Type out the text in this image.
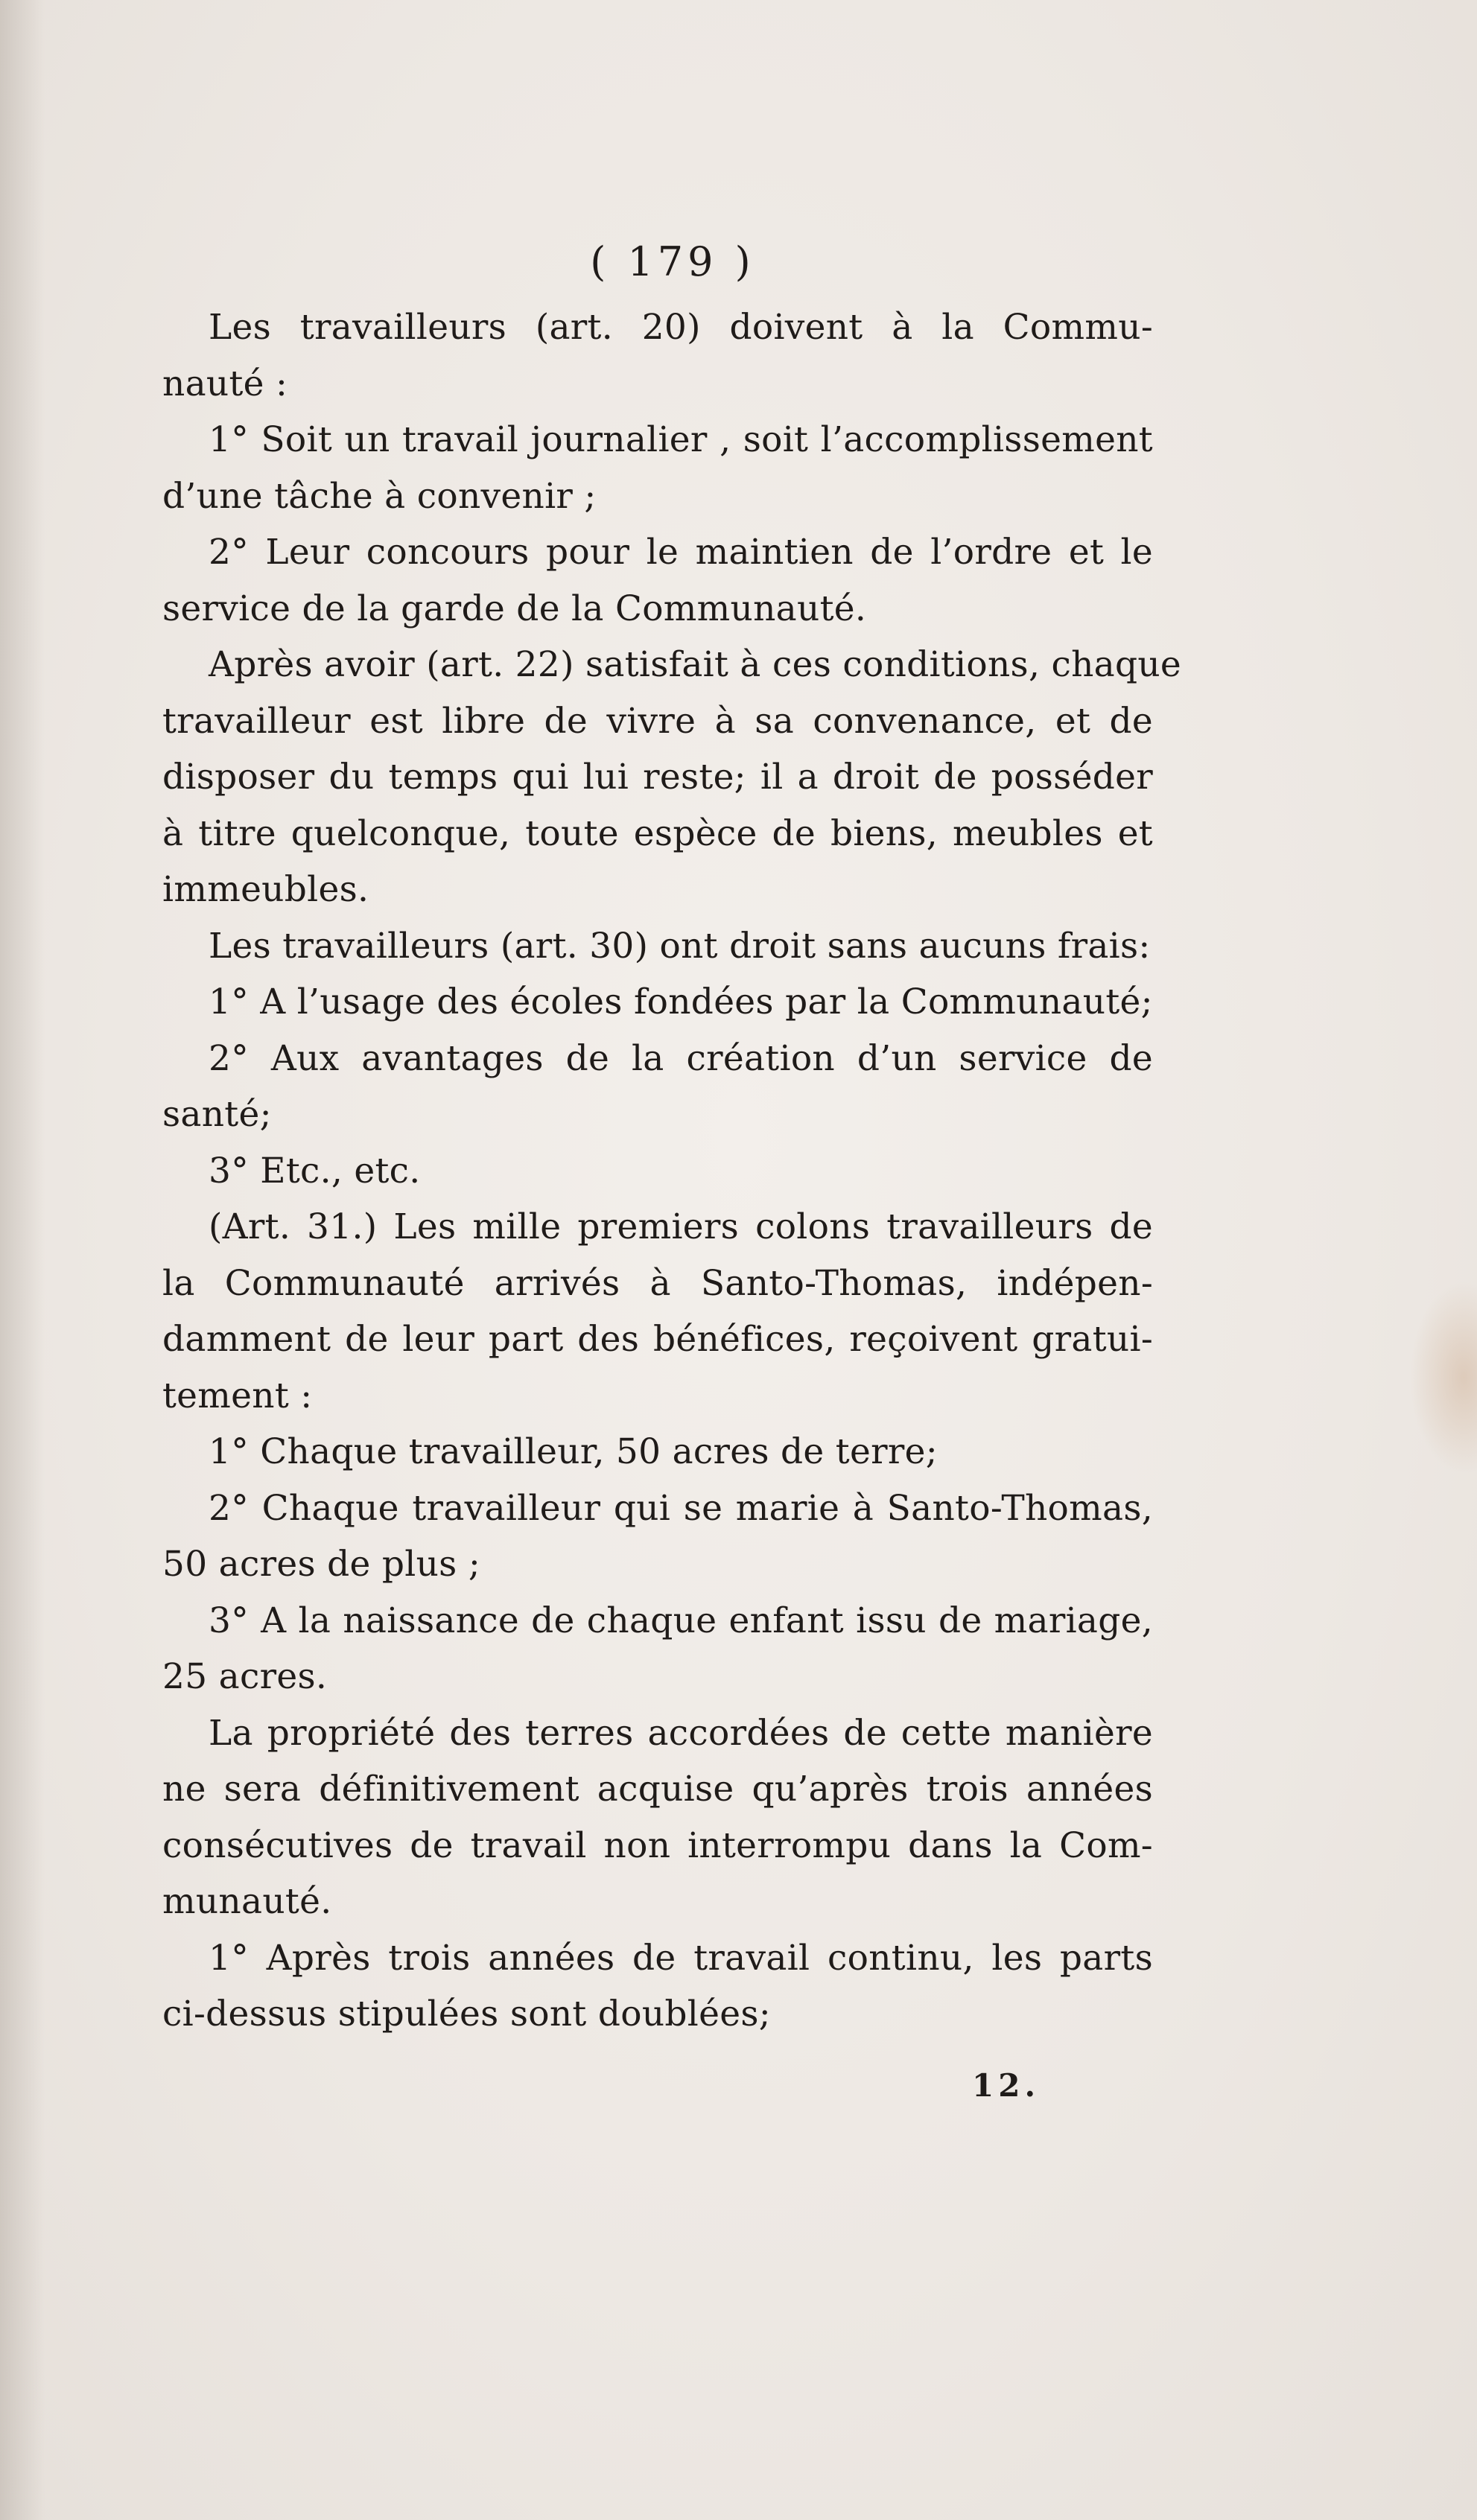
( 179 )
Les travailleurs (art. 20) doivent à la Commu-
nauté :
1° Soit un travail journalier , soit l’accomplissement
d’une tâche à convenir ;
2° Leur concours pour le maintien de l’ordre et le
service de la garde de la Communauté.
Après avoir (art. 22) satisfait à ces conditions, chaque
travailleur est libre de vivre à sa convenance, et de
disposer du temps qui lui reste; il a droit de posséder
à titre quelconque, toute espèce de biens, meubles et
immeubles.
Les travailleurs (art. 30) ont droit sans aucuns frais:
1° A l’usage des écoles fondées par la Communauté;
2° Aux avantages de la création d’un service de
santé;
3° Etc., etc.
(Art. 31.) Les mille premiers colons travailleurs de
la Communauté arrivés à Santo-Thomas, indépen-
damment de leur part des bénéfices, reçoivent gratui-
tement :
1° Chaque travailleur, 50 acres de terre;
2° Chaque travailleur qui se marie à Santo-Thomas,
50 acres de plus ;
3° A la naissance de chaque enfant issu de mariage,
25 acres.
La propriété des terres accordées de cette manière
ne sera définitivement acquise qu’après trois années
consécutives de travail non interrompu dans la Com-
munauté.
1° Après trois années de travail continu, les parts
ci-dessus stipulées sont doublées;
12.
